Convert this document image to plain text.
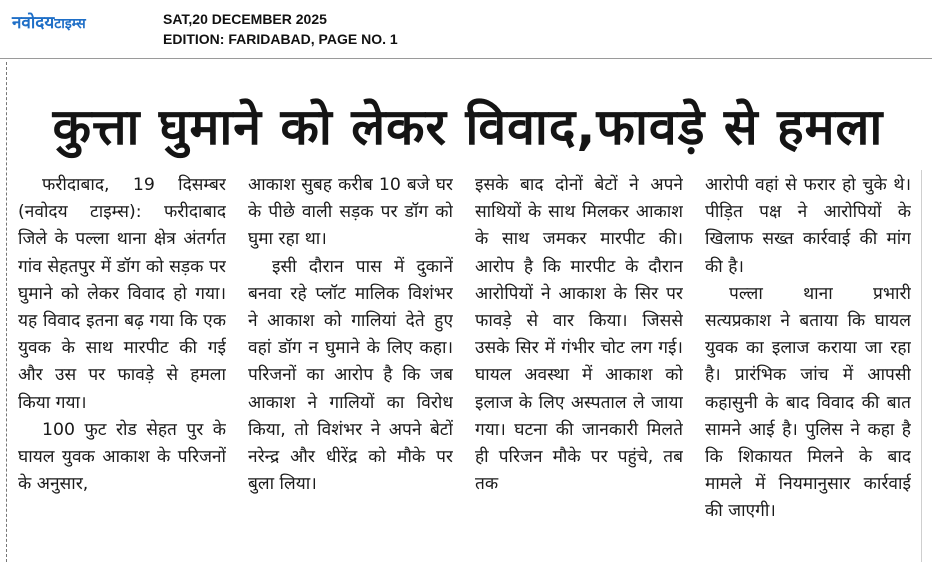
नवोदयटाइम्स	SAT,20 DECEMBER 2025
EDITION: FARIDABAD, PAGE NO. 1
कुत्ता घुमाने को लेकर विवाद,फावड़े से हमला

फरीदाबाद, 19 दिसम्बर (नवोदय टाइम्स): फरीदाबाद जिले के पल्ला थाना क्षेत्र अंतर्गत गांव सेहतपुर में डॉग को सड़क पर घुमाने को लेकर विवाद हो गया। यह विवाद इतना बढ़ गया कि एक युवक के साथ मारपीट की गई और उस पर फावड़े से हमला किया गया।

100 फुट रोड सेहत पुर के घायल युवक आकाश के परिजनों के अनुसार,

आकाश सुबह करीब 10 बजे घर के पीछे वाली सड़क पर डॉग को घुमा रहा था।

इसी दौरान पास में दुकानें बनवा रहे प्लॉट मालिक विशंभर ने आकाश को गालियां देते हुए वहां डॉग न घुमाने के लिए कहा। परिजनों का आरोप है कि जब आकाश ने गालियों का विरोध किया, तो विशंभर ने अपने बेटों नरेन्द्र और धीरेंद्र को मौके पर बुला लिया।

इसके बाद दोनों बेटों ने अपने साथियों के साथ मिलकर आकाश के साथ जमकर मारपीट की। आरोप है कि मारपीट के दौरान आरोपियों ने आकाश के सिर पर फावड़े से वार किया। जिससे उसके सिर में गंभीर चोट लग गई। घायल अवस्था में आकाश को इलाज के लिए अस्पताल ले जाया गया। घटना की जानकारी मिलते ही परिजन मौके पर पहुंचे, तब तक

आरोपी वहां से फरार हो चुके थे। पीड़ित पक्ष ने आरोपियों के खिलाफ सख्त कार्रवाई की मांग की है।

पल्ला थाना प्रभारी सत्यप्रकाश ने बताया कि घायल युवक का इलाज कराया जा रहा है। प्रारंभिक जांच में आपसी कहासुनी के बाद विवाद की बात सामने आई है। पुलिस ने कहा है कि शिकायत मिलने के बाद मामले में नियमानुसार कार्रवाई की जाएगी।
